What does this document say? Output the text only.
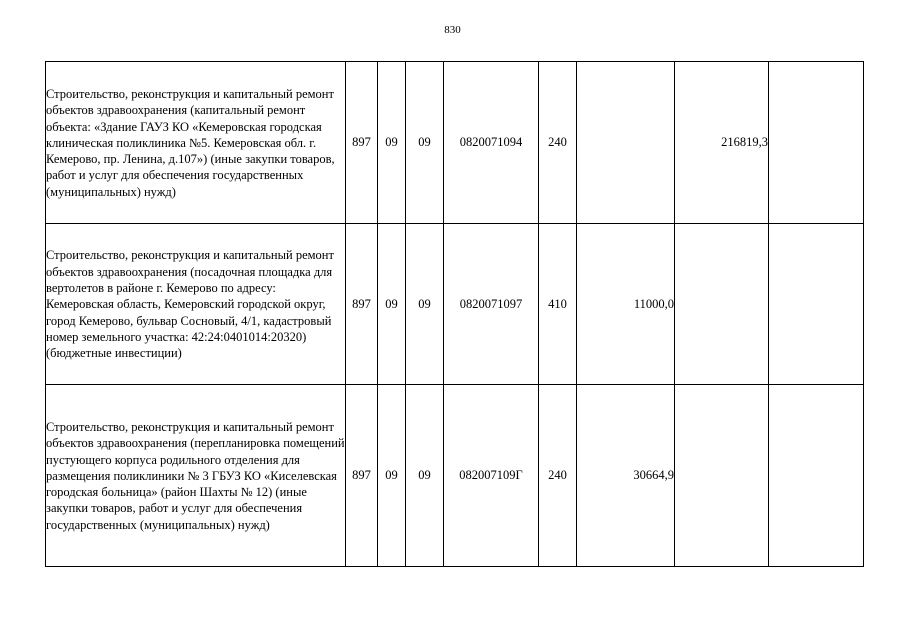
830
Строительство, реконструкция и капитальный ремонт объектов здравоохранения (капитальный ремонт объекта: «Здание ГАУЗ КО «Кемеровская городская клиническая поликлиника №5. Кемеровская обл. г. Кемерово, пр. Ленина, д.107») (иные закупки товаров, работ и услуг для обеспечения государственных (муниципальных) нужд)	897	09	09	0820071094	240		216819,3	

Строительство, реконструкция и капитальный ремонт объектов здравоохранения (посадочная площадка для вертолетов в районе г. Кемерово по адресу: Кемеровская область, Кемеровский городской округ, город Кемерово, бульвар Сосновый, 4/1, кадастровый номер земельного участка: 42:24:0401014:20320) (бюджетные инвестиции)	897	09	09	0820071097	410	11000,0		

Строительство, реконструкция и капитальный ремонт объектов здравоохранения (перепланировка помещений пустующего корпуса родильного отделения для размещения поликлиники № 3 ГБУЗ КО «Киселевская городская больница» (район Шахты № 12) (иные закупки товаров, работ и услуг для обеспечения государственных (муниципальных) нужд)	897	09	09	082007109Г	240	30664,9		
